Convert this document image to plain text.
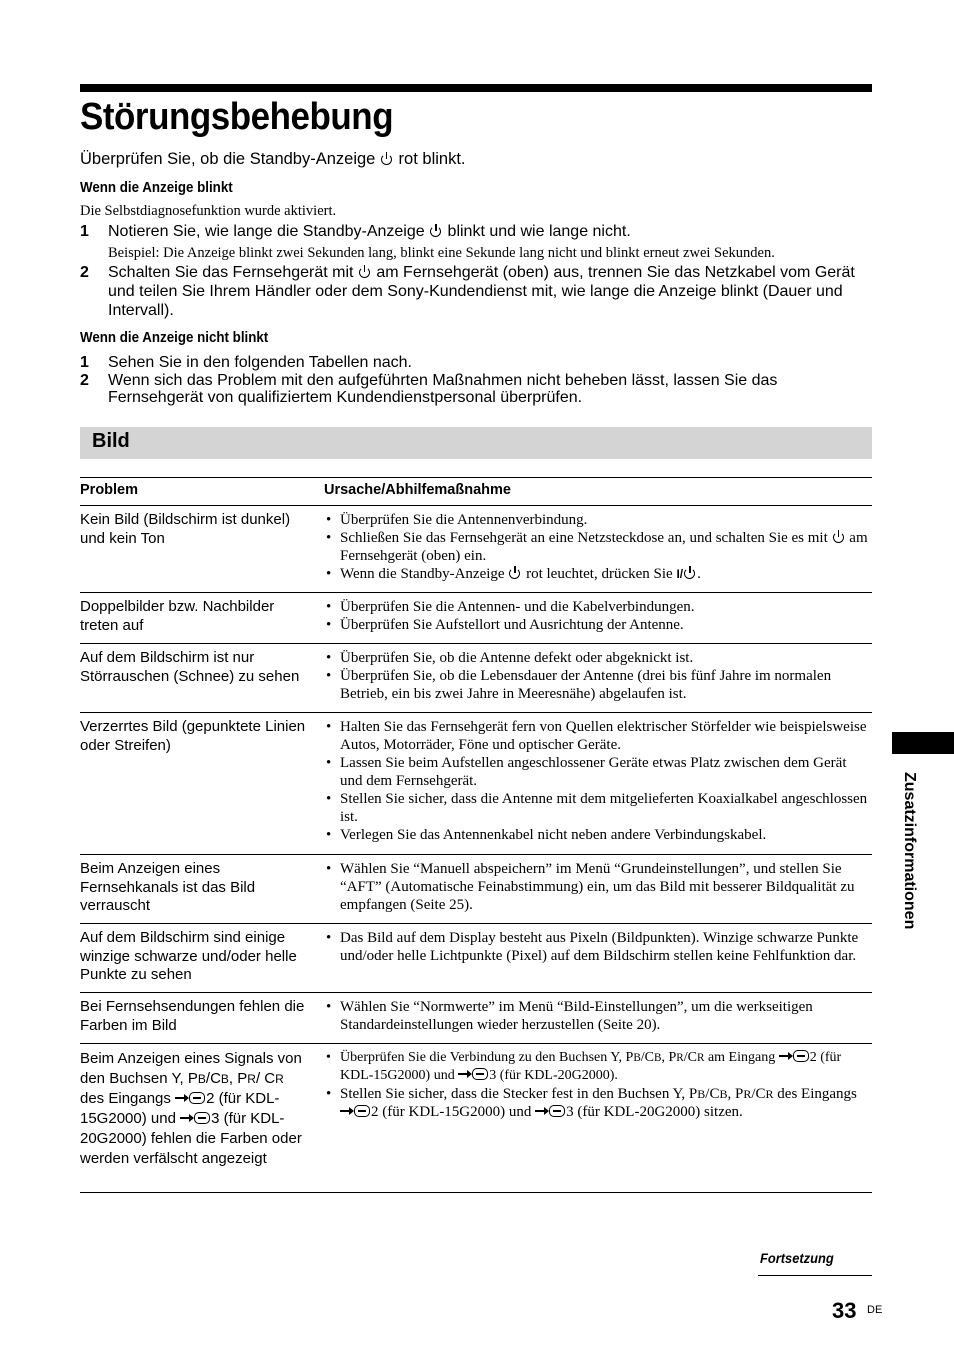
Störungsbehebung
Überprüfen Sie, ob die Standby-Anzeige rot blinkt.
Wenn die Anzeige blinkt
Die Selbstdiagnosefunktion wurde aktiviert.
1 Notieren Sie, wie lange die Standby-Anzeige blinkt und wie lange nicht.
Beispiel: Die Anzeige blinkt zwei Sekunden lang, blinkt eine Sekunde lang nicht und blinkt erneut zwei Sekunden.
2 Schalten Sie das Fernsehgerät mit am Fernsehgerät (oben) aus, trennen Sie das Netzkabel vom Gerät und teilen Sie Ihrem Händler oder dem Sony-Kundendienst mit, wie lange die Anzeige blinkt (Dauer und Intervall).
Wenn die Anzeige nicht blinkt
1 Sehen Sie in den folgenden Tabellen nach.
2 Wenn sich das Problem mit den aufgeführten Maßnahmen nicht beheben lässt, lassen Sie das Fernsehgerät von qualifiziertem Kundendienstpersonal überprüfen.
Bild
Problem	Ursache/Abhilfemaßnahme
Kein Bild (Bildschirm ist dunkel) und kein Ton
• Überprüfen Sie die Antennenverbindung.
• Schließen Sie das Fernsehgerät an eine Netzsteckdose an, und schalten Sie es mit am Fernsehgerät (oben) ein.
• Wenn die Standby-Anzeige rot leuchtet, drücken Sie I/ .
Doppelbilder bzw. Nachbilder treten auf
• Überprüfen Sie die Antennen- und die Kabelverbindungen.
• Überprüfen Sie Aufstellort und Ausrichtung der Antenne.
Auf dem Bildschirm ist nur Störrauschen (Schnee) zu sehen
• Überprüfen Sie, ob die Antenne defekt oder abgeknickt ist.
• Überprüfen Sie, ob die Lebensdauer der Antenne (drei bis fünf Jahre im normalen Betrieb, ein bis zwei Jahre in Meeresnähe) abgelaufen ist.
Verzerrtes Bild (gepunktete Linien oder Streifen)
• Halten Sie das Fernsehgerät fern von Quellen elektrischer Störfelder wie beispielsweise Autos, Motorräder, Föne und optischer Geräte.
• Lassen Sie beim Aufstellen angeschlossener Geräte etwas Platz zwischen dem Gerät und dem Fernsehgerät.
• Stellen Sie sicher, dass die Antenne mit dem mitgelieferten Koaxialkabel angeschlossen ist.
• Verlegen Sie das Antennenkabel nicht neben andere Verbindungskabel.
Beim Anzeigen eines Fernsehkanals ist das Bild verrauscht
• Wählen Sie “Manuell abspeichern” im Menü “Grundeinstellungen”, und stellen Sie “AFT” (Automatische Feinabstimmung) ein, um das Bild mit besserer Bildqualität zu empfangen (Seite 25).
Auf dem Bildschirm sind einige winzige schwarze und/oder helle Punkte zu sehen
• Das Bild auf dem Display besteht aus Pixeln (Bildpunkten). Winzige schwarze Punkte und/oder helle Lichtpunkte (Pixel) auf dem Bildschirm stellen keine Fehlfunktion dar.
Bei Fernsehsendungen fehlen die Farben im Bild
• Wählen Sie “Normwerte” im Menü “Bild-Einstellungen”, um die werkseitigen Standardeinstellungen wieder herzustellen (Seite 20).
Beim Anzeigen eines Signals von den Buchsen Y, PB/CB, PR/ CR des Eingangs
2 (für KDL-15G2000) und
3 (für KDL-20G2000) fehlen die Farben oder werden verfälscht angezeigt
• Überprüfen Sie die Verbindung zu den Buchsen Y, PB/CB, PR/CR am Eingang
2 (für KDL-15G2000) und
3 (für KDL-20G2000).
• Stellen Sie sicher, dass die Stecker fest in den Buchsen Y, PB/CB, PR/CR des Eingangs
2 (für KDL-15G2000) und
3 (für KDL-20G2000) sitzen.
Zusatzinformationen
Fortsetzung
33 DE
